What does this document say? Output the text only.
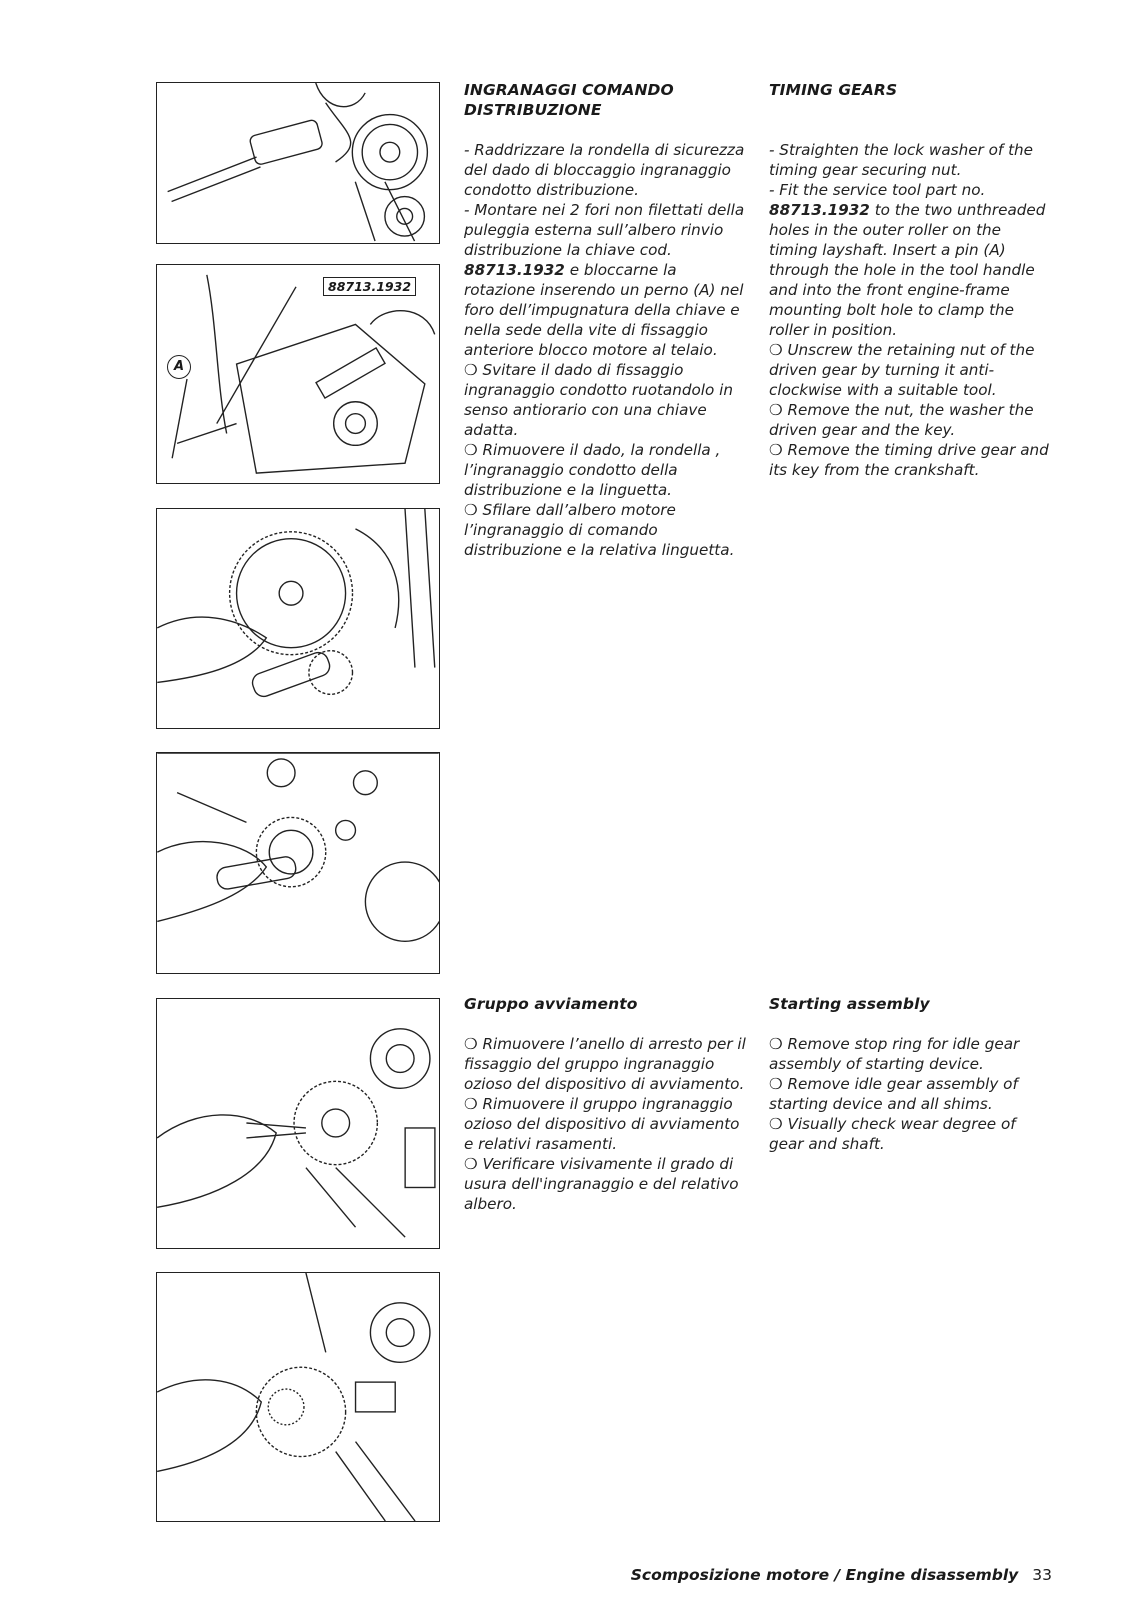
88713.1932
A
INGRANAGGI COMANDO DISTRIBUZIONE

- Raddrizzare la rondella di sicurezza del dado di bloccaggio ingranaggio condotto distribuzione.
- Montare nei 2 fori non filettati della puleggia esterna sull’albero rinvio distribuzione la chiave cod. 88713.1932 e bloccarne la rotazione inserendo un perno (A) nel foro dell’impugnatura della chiave e nella sede della vite di fissaggio anteriore blocco motore al telaio.
❍ Svitare il dado di fissaggio ingranaggio condotto ruotandolo in senso antiorario con una chiave adatta.
❍ Rimuovere il dado, la rondella , l’ingranaggio condotto della distribuzione e la linguetta.
❍ Sfilare dall’albero motore l’ingranaggio di comando distribuzione e la relativa linguetta.

TIMING GEARS

- Straighten the lock washer of the timing gear securing nut.
- Fit the service tool part no. 88713.1932 to the two unthreaded holes in the outer roller on the timing layshaft. Insert a pin (A) through the hole in the tool handle and into the front engine-frame mounting bolt hole to clamp the roller in position.
❍ Unscrew the retaining nut of the driven gear by turning it anti-clockwise with a suitable tool.
❍ Remove the nut, the washer the driven gear and the key.
❍ Remove the timing drive gear and its key from the crankshaft.

Gruppo avviamento

❍ Rimuovere l’anello di arresto per il fissaggio del gruppo ingranaggio ozioso del dispositivo di avviamento.
❍ Rimuovere il gruppo ingranaggio ozioso del dispositivo di avviamento e relativi rasamenti.
❍ Verificare visivamente il grado di usura dell'ingranaggio e del relativo albero.

Starting assembly

❍ Remove stop ring for idle gear assembly of starting device.
❍ Remove idle gear assembly of starting device and all shims.
❍ Visually check wear degree of gear and shaft.

Scomposizione motore / Engine disassembly 33
